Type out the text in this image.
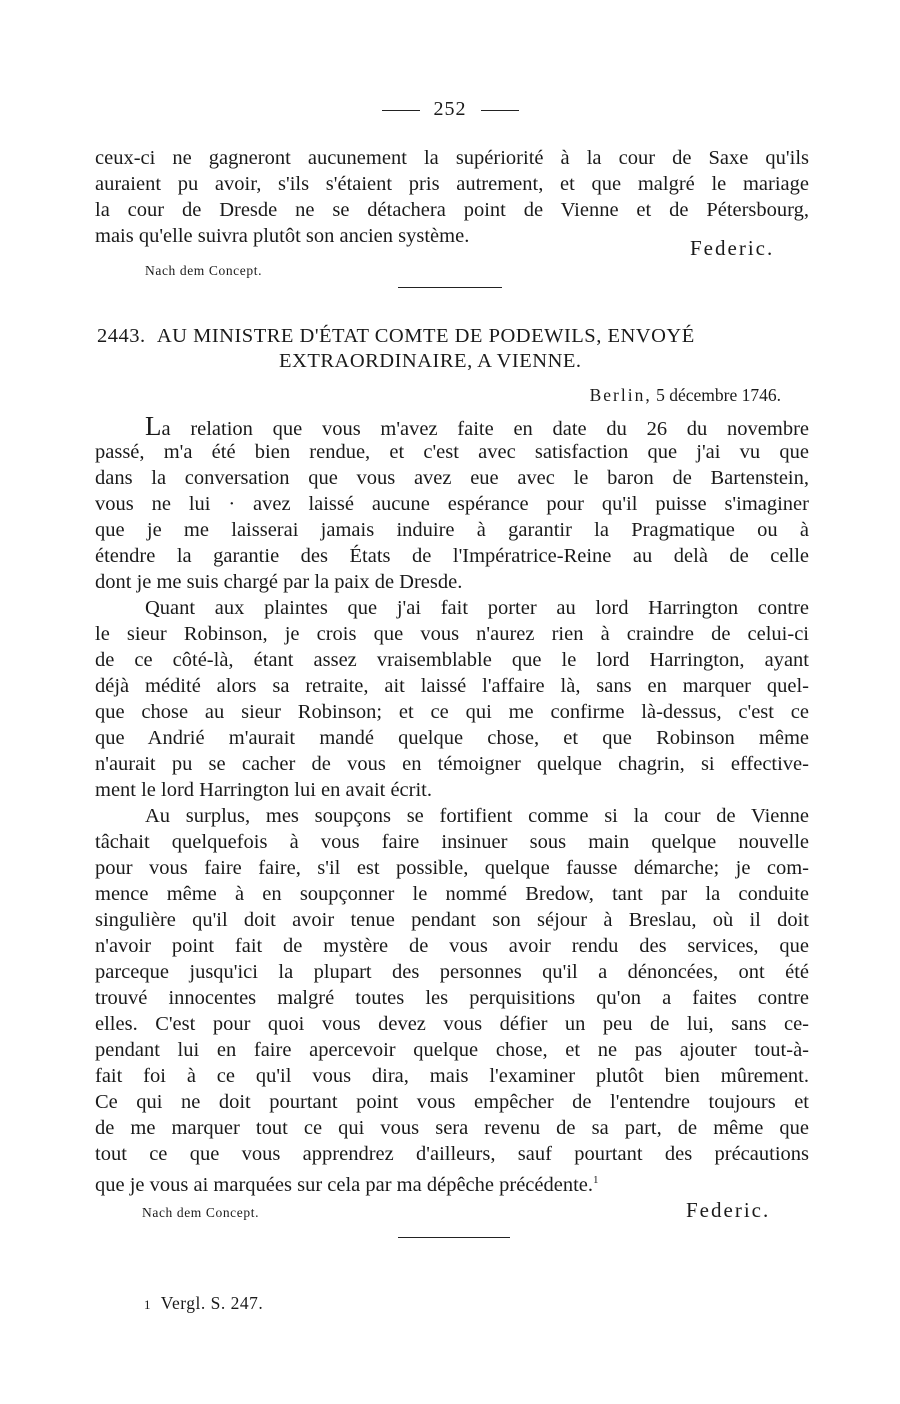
252
ceux-ci ne gagneront aucunement la supériorité à la cour de Saxe qu'ils
auraient pu avoir, s'ils s'étaient pris autrement, et que malgré le mariage
la cour de Dresde ne se détachera point de Vienne et de Pétersbourg,
mais qu'elle suivra plutôt son ancien système.	Federic.
Nach dem Concept.
2443. AU MINISTRE D'ÉTAT COMTE DE PODEWILS, ENVOYÉ
EXTRAORDINAIRE, A VIENNE.
Berlin, 5 décembre 1746.
La relation que vous m'avez faite en date du 26 du novembre
passé, m'a été bien rendue, et c'est avec satisfaction que j'ai vu que
dans la conversation que vous avez eue avec le baron de Bartenstein,
vous ne lui · avez laissé aucune espérance pour qu'il puisse s'imaginer
que je me laisserai jamais induire à garantir la Pragmatique ou à
étendre la garantie des États de l'Impératrice-Reine au delà de celle
dont je me suis chargé par la paix de Dresde.
Quant aux plaintes que j'ai fait porter au lord Harrington contre
le sieur Robinson, je crois que vous n'aurez rien à craindre de celui-ci
de ce côté-là, étant assez vraisemblable que le lord Harrington, ayant
déjà médité alors sa retraite, ait laissé l'affaire là, sans en marquer quel-
que chose au sieur Robinson; et ce qui me confirme là-dessus, c'est ce
que Andrié m'aurait mandé quelque chose, et que Robinson même
n'aurait pu se cacher de vous en témoigner quelque chagrin, si effective-
ment le lord Harrington lui en avait écrit.
Au surplus, mes soupçons se fortifient comme si la cour de Vienne
tâchait quelquefois à vous faire insinuer sous main quelque nouvelle
pour vous faire faire, s'il est possible, quelque fausse démarche; je com-
mence même à en soupçonner le nommé Bredow, tant par la conduite
singulière qu'il doit avoir tenue pendant son séjour à Breslau, où il doit
n'avoir point fait de mystère de vous avoir rendu des services, que
parceque jusqu'ici la plupart des personnes qu'il a dénoncées, ont été
trouvé innocentes malgré toutes les perquisitions qu'on a faites contre
elles. C'est pour quoi vous devez vous défier un peu de lui, sans ce-
pendant lui en faire apercevoir quelque chose, et ne pas ajouter tout-à-
fait foi à ce qu'il vous dira, mais l'examiner plutôt bien mûrement.
Ce qui ne doit pourtant point vous empêcher de l'entendre toujours et
de me marquer tout ce qui vous sera revenu de sa part, de même que
tout ce que vous apprendrez d'ailleurs, sauf pourtant des précautions
que je vous ai marquées sur cela par ma dépêche précédente.$^1$
Nach dem Concept.	Federic.
1 Vergl. S. 247.
